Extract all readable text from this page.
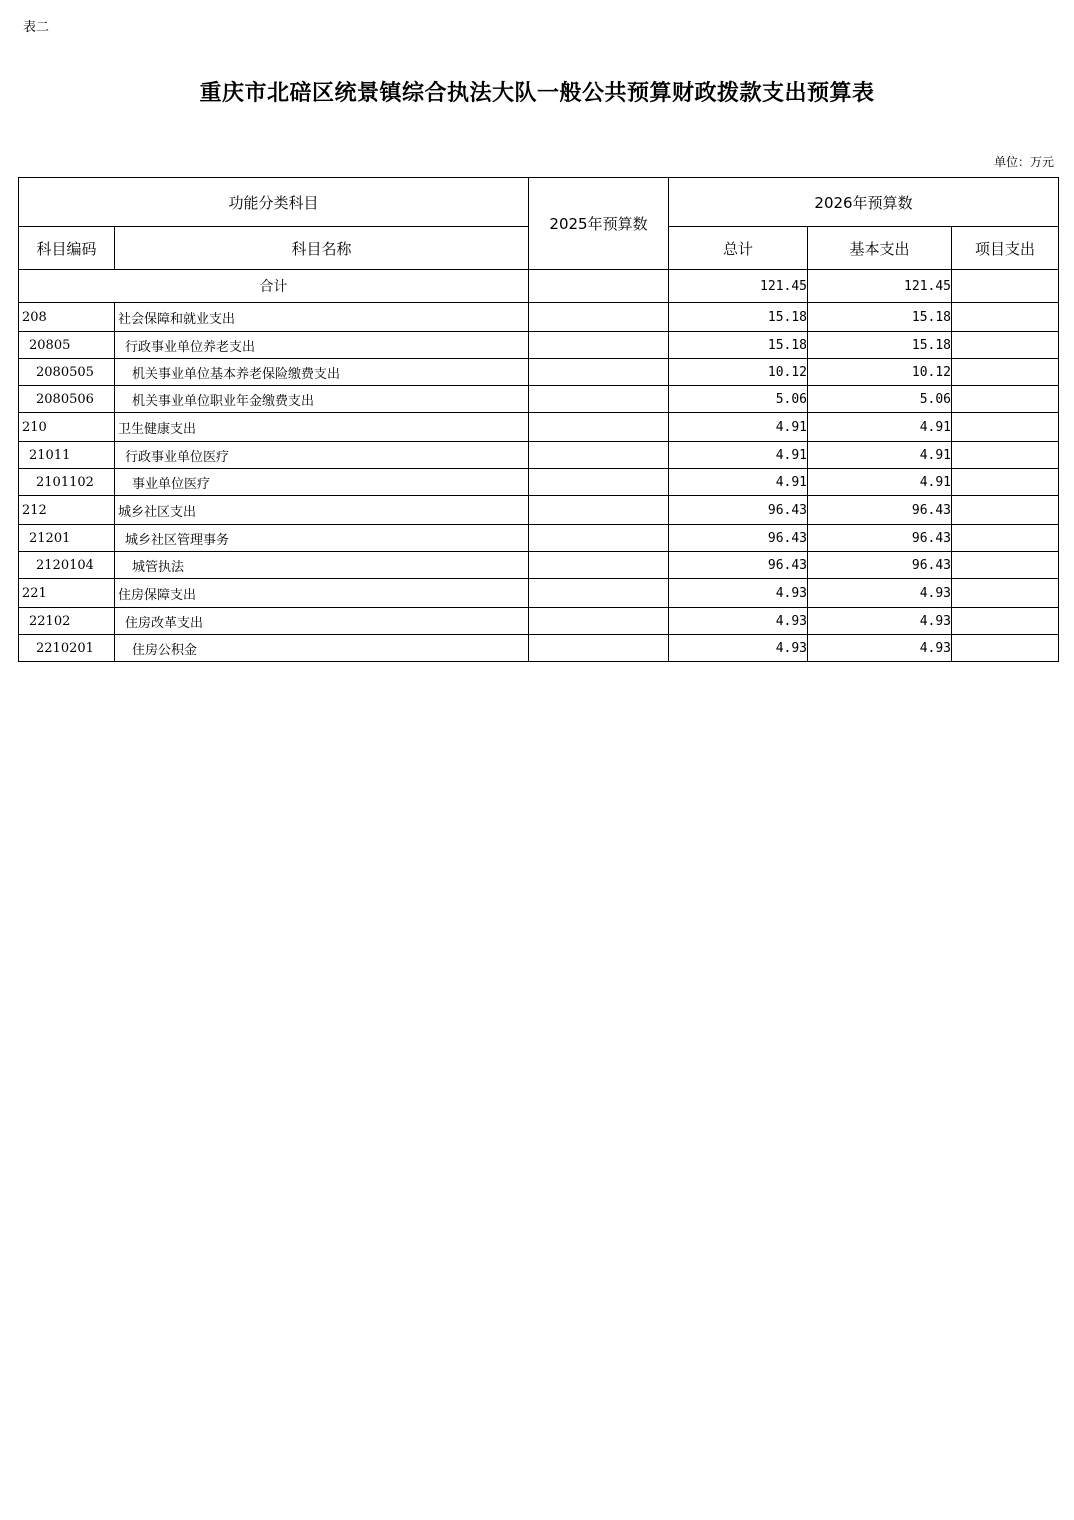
表二
重庆市北碚区统景镇综合执法大队一般公共预算财政拨款支出预算表
单位：万元
功能分类科目		2025年预算数	2026年预算数		
科目编码	科目名称		总计	基本支出	项目支出
合计			121.45	121.45	
208	社会保障和就业支出		15.18	15.18	
20805	行政事业单位养老支出		15.18	15.18	
2080505	机关事业单位基本养老保险缴费支出		10.12	10.12	
2080506	机关事业单位职业年金缴费支出		5.06	5.06	
210	卫生健康支出		4.91	4.91	
21011	行政事业单位医疗		4.91	4.91	
2101102	事业单位医疗		4.91	4.91	
212	城乡社区支出		96.43	96.43	
21201	城乡社区管理事务		96.43	96.43	
2120104	城管执法		96.43	96.43	
221	住房保障支出		4.93	4.93	
22102	住房改革支出		4.93	4.93	
2210201	住房公积金		4.93	4.93	
